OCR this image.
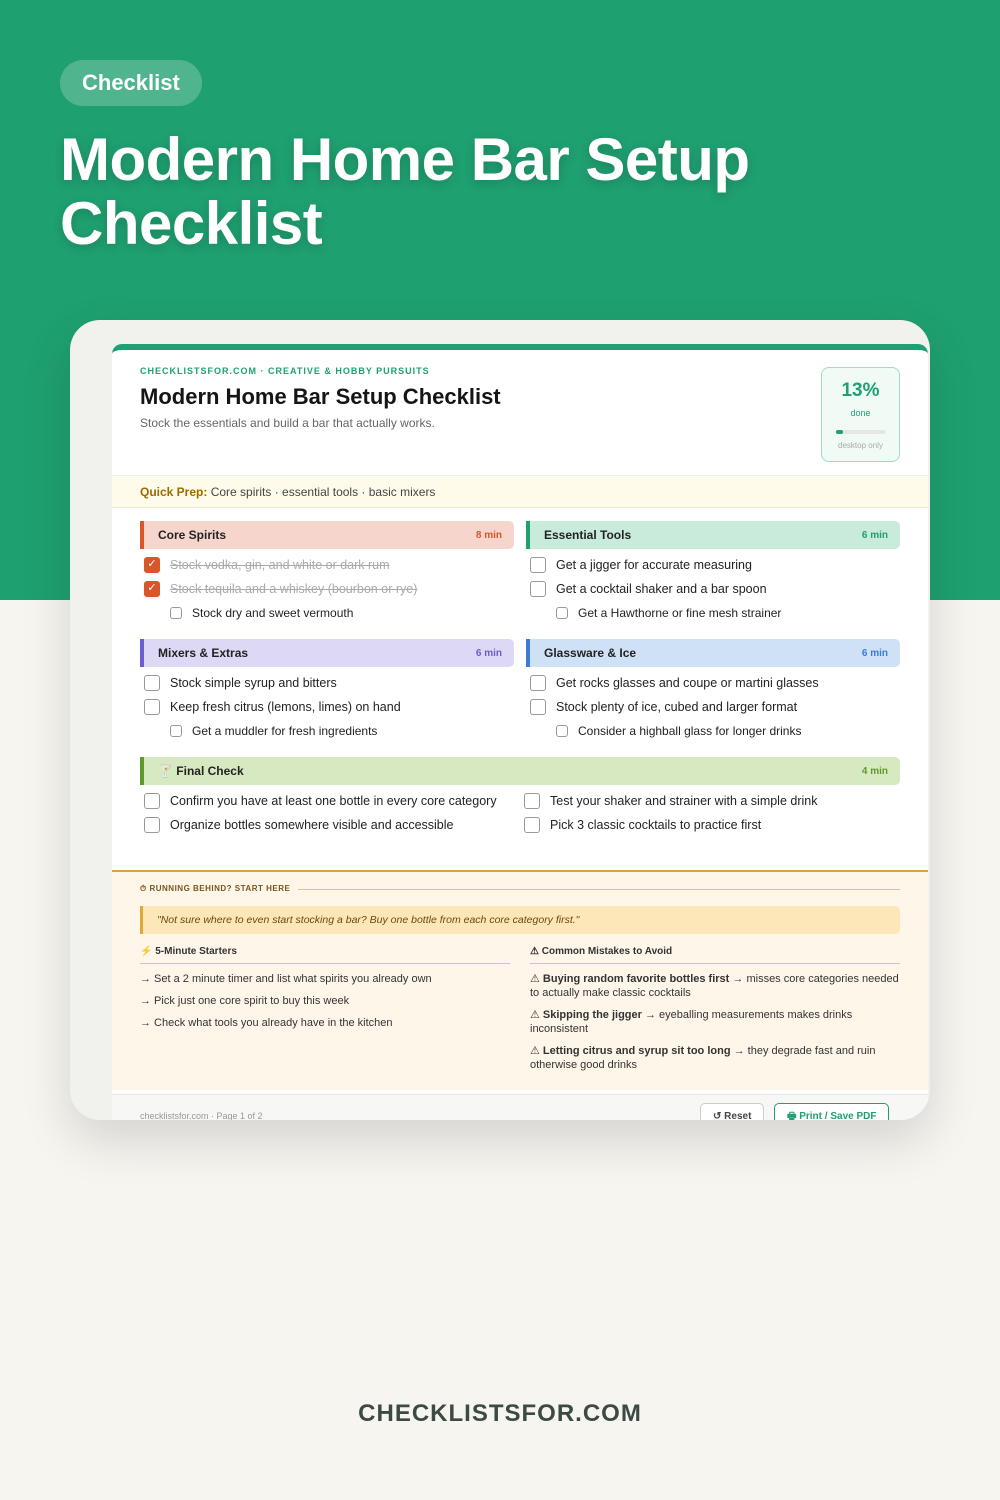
Checklist
Modern Home Bar Setup Checklist
CHECKLISTSFOR.COM · CREATIVE & HOBBY PURSUITS
Modern Home Bar Setup Checklist
Stock the essentials and build a bar that actually works.
13%
done
desktop only
Quick Prep: Core spirits · essential tools · basic mixers
Core Spirits	8 min
✓ Stock vodka, gin, and white or dark rum
✓ Stock tequila and a whiskey (bourbon or rye)
Stock dry and sweet vermouth
Essential Tools	6 min
Get a jigger for accurate measuring
Get a cocktail shaker and a bar spoon
Get a Hawthorne or fine mesh strainer
Mixers & Extras	6 min
Stock simple syrup and bitters
Keep fresh citrus (lemons, limes) on hand
Get a muddler for fresh ingredients
Glassware & Ice	6 min
Get rocks glasses and coupe or martini glasses
Stock plenty of ice, cubed and larger format
Consider a highball glass for longer drinks
🍸 Final Check	4 min
Confirm you have at least one bottle in every core category
Organize bottles somewhere visible and accessible
Test your shaker and strainer with a simple drink
Pick 3 classic cocktails to practice first
⏱ RUNNING BEHIND? START HERE
"Not sure where to even start stocking a bar? Buy one bottle from each core category first."
⚡ 5-Minute Starters
→ Set a 2 minute timer and list what spirits you already own
→ Pick just one core spirit to buy this week
→ Check what tools you already have in the kitchen
⚠ Common Mistakes to Avoid
⚠ Buying random favorite bottles first → misses core categories needed to actually make classic cocktails
⚠ Skipping the jigger → eyeballing measurements makes drinks inconsistent
⚠ Letting citrus and syrup sit too long → they degrade fast and ruin otherwise good drinks
checklistsfor.com · Page 1 of 2	↺ Reset	🖶 Print / Save PDF
CHECKLISTSFOR.COM
